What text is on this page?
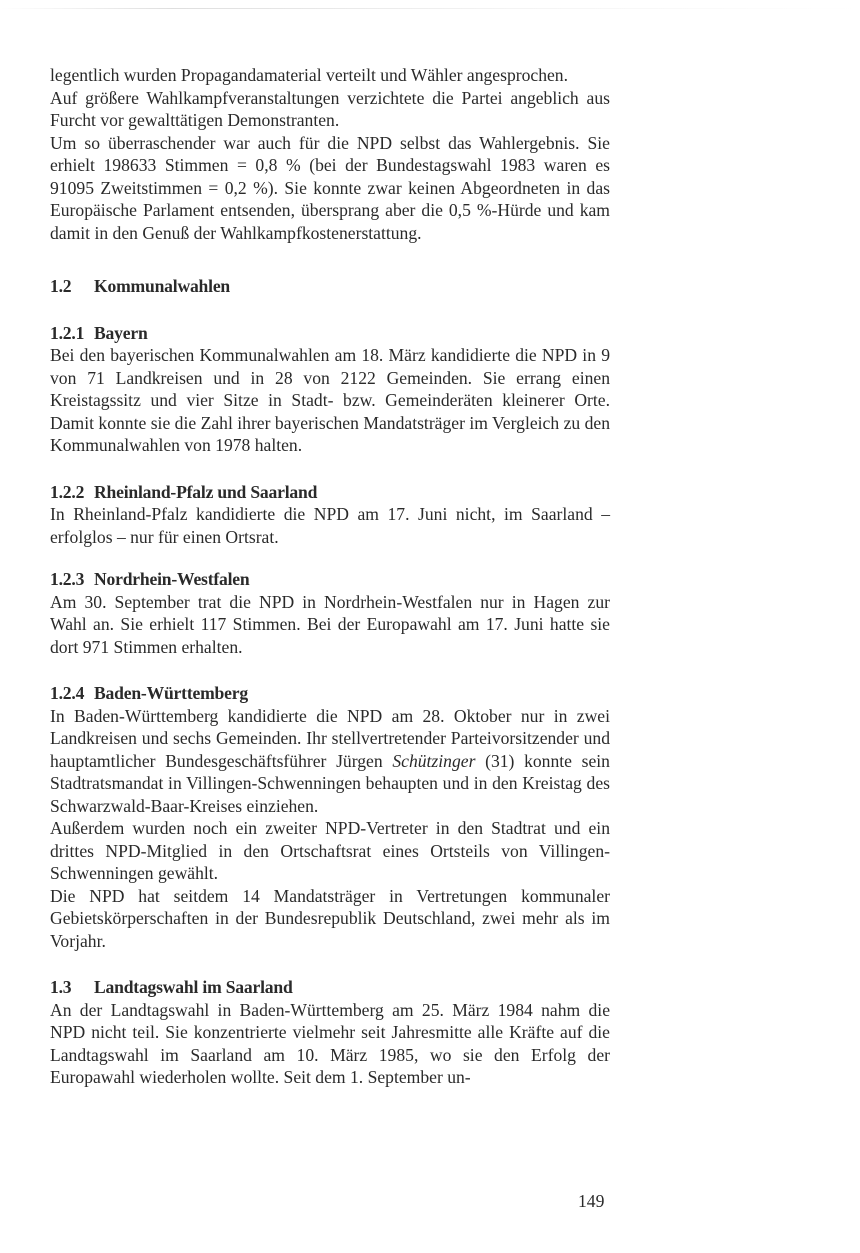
legentlich wurden Propagandamaterial verteilt und Wähler angesprochen.

Auf größere Wahlkampfveranstaltungen verzichtete die Partei angeblich aus Furcht vor gewalttätigen Demonstranten.

Um so überraschender war auch für die NPD selbst das Wahlergebnis. Sie erhielt 198633 Stimmen = 0,8 % (bei der Bundestagswahl 1983 waren es 91095 Zweitstimmen = 0,2 %). Sie konnte zwar keinen Abgeordneten in das Europäische Parlament entsenden, übersprang aber die 0,5 %-Hürde und kam damit in den Genuß der Wahlkampfkostenerstattung.

1.2 Kommunalwahlen
1.2.1 Bayern

Bei den bayerischen Kommunalwahlen am 18. März kandidierte die NPD in 9 von 71 Landkreisen und in 28 von 2122 Gemeinden. Sie errang einen Kreistagssitz und vier Sitze in Stadt- bzw. Gemeinderäten kleinerer Orte. Damit konnte sie die Zahl ihrer bayerischen Mandatsträger im Vergleich zu den Kommunalwahlen von 1978 halten.

1.2.2 Rheinland-Pfalz und Saarland

In Rheinland-Pfalz kandidierte die NPD am 17. Juni nicht, im Saarland – erfolglos – nur für einen Ortsrat.

1.2.3 Nordrhein-Westfalen

Am 30. September trat die NPD in Nordrhein-Westfalen nur in Hagen zur Wahl an. Sie erhielt 117 Stimmen. Bei der Europawahl am 17. Juni hatte sie dort 971 Stimmen erhalten.

1.2.4 Baden-Württemberg

In Baden-Württemberg kandidierte die NPD am 28. Oktober nur in zwei Landkreisen und sechs Gemeinden. Ihr stellvertretender Parteivorsitzender und hauptamtlicher Bundesgeschäftsführer Jürgen Schützinger (31) konnte sein Stadtratsmandat in Villingen-Schwenningen behaupten und in den Kreistag des Schwarzwald-Baar-Kreises einziehen.

Außerdem wurden noch ein zweiter NPD-Vertreter in den Stadtrat und ein drittes NPD-Mitglied in den Ortschaftsrat eines Ortsteils von Villingen-Schwenningen gewählt.

Die NPD hat seitdem 14 Mandatsträger in Vertretungen kommunaler Gebietskörperschaften in der Bundesrepublik Deutschland, zwei mehr als im Vorjahr.

1.3 Landtagswahl im Saarland

An der Landtagswahl in Baden-Württemberg am 25. März 1984 nahm die NPD nicht teil. Sie konzentrierte vielmehr seit Jahresmitte alle Kräfte auf die Landtagswahl im Saarland am 10. März 1985, wo sie den Erfolg der Europawahl wiederholen wollte. Seit dem 1. September un-

149
